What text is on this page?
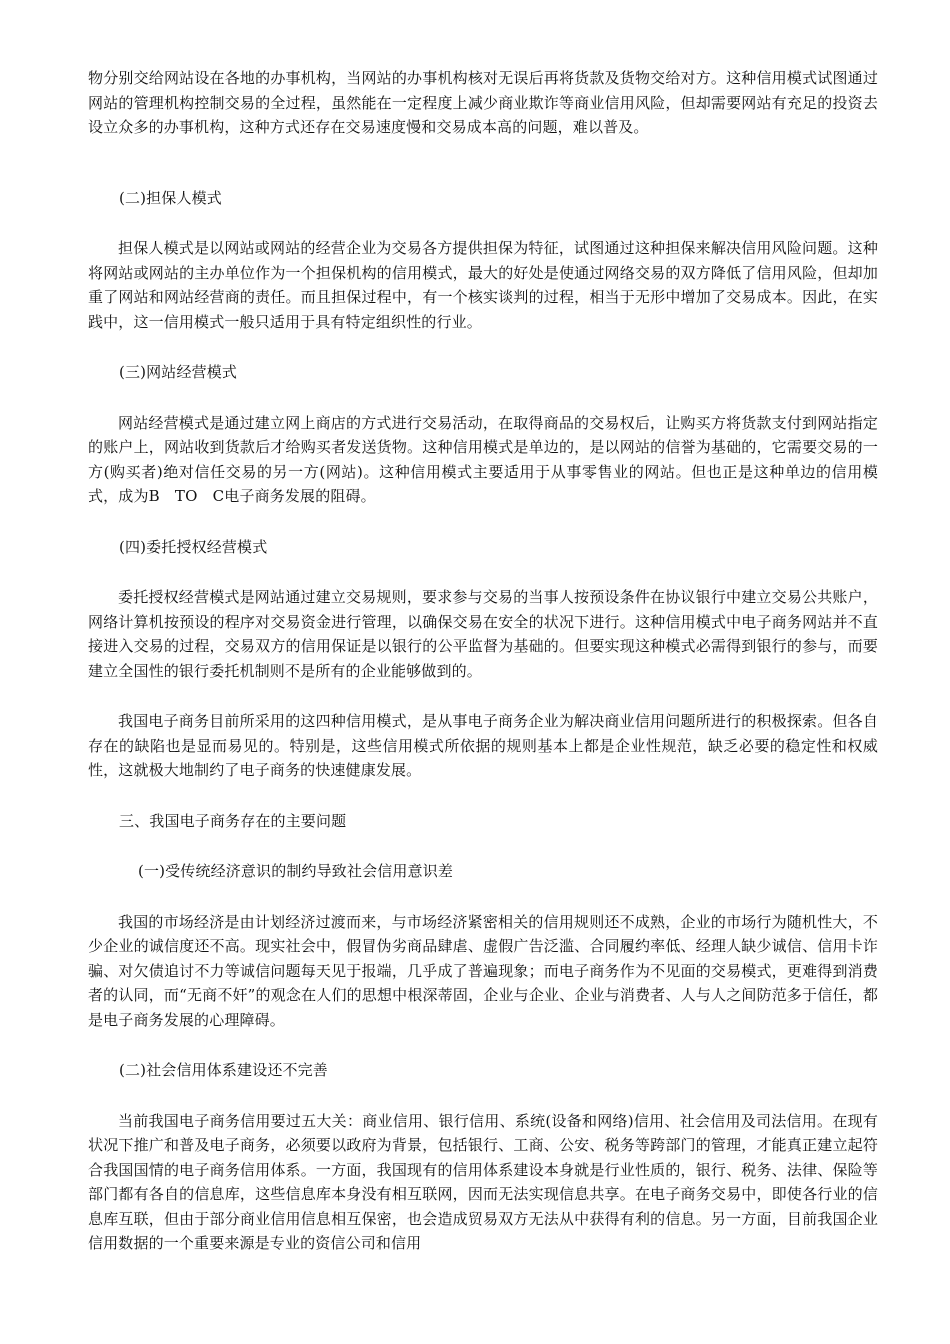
物分别交给网站设在各地的办事机构，当网站的办事机构核对无误后再将货款及货物交给对方。这种信用模式试图通过网站的管理机构控制交易的全过程，虽然能在一定程度上减少商业欺诈等商业信用风险，但却需要网站有充足的投资去设立众多的办事机构，这种方式还存在交易速度慢和交易成本高的问题，难以普及。

(二)担保人模式

担保人模式是以网站或网站的经营企业为交易各方提供担保为特征，试图通过这种担保来解决信用风险问题。这种将网站或网站的主办单位作为一个担保机构的信用模式，最大的好处是使通过网络交易的双方降低了信用风险，但却加重了网站和网站经营商的责任。而且担保过程中，有一个核实谈判的过程，相当于无形中增加了交易成本。因此，在实践中，这一信用模式一般只适用于具有特定组织性的行业。

(三)网站经营模式

网站经营模式是通过建立网上商店的方式进行交易活动，在取得商品的交易权后，让购买方将货款支付到网站指定的账户上，网站收到货款后才给购买者发送货物。这种信用模式是单边的，是以网站的信誉为基础的，它需要交易的一方(购买者)绝对信任交易的另一方(网站)。这种信用模式主要适用于从事零售业的网站。但也正是这种单边的信用模式，成为B　TO　C电子商务发展的阻碍。

(四)委托授权经营模式

委托授权经营模式是网站通过建立交易规则，要求参与交易的当事人按预设条件在协议银行中建立交易公共账户，网络计算机按预设的程序对交易资金进行管理，以确保交易在安全的状况下进行。这种信用模式中电子商务网站并不直接进入交易的过程，交易双方的信用保证是以银行的公平监督为基础的。但要实现这种模式必需得到银行的参与，而要建立全国性的银行委托机制则不是所有的企业能够做到的。

我国电子商务目前所采用的这四种信用模式，是从事电子商务企业为解决商业信用问题所进行的积极探索。但各自存在的缺陷也是显而易见的。特别是，这些信用模式所依据的规则基本上都是企业性规范，缺乏必要的稳定性和权威性，这就极大地制约了电子商务的快速健康发展。

三、我国电子商务存在的主要问题

(一)受传统经济意识的制约导致社会信用意识差

我国的市场经济是由计划经济过渡而来，与市场经济紧密相关的信用规则还不成熟，企业的市场行为随机性大，不少企业的诚信度还不高。现实社会中，假冒伪劣商品肆虐、虚假广告泛滥、合同履约率低、经理人缺少诚信、信用卡诈骗、对欠债追讨不力等诚信问题每天见于报端，几乎成了普遍现象；而电子商务作为不见面的交易模式，更难得到消费者的认同，而“无商不奸”的观念在人们的思想中根深蒂固，企业与企业、企业与消费者、人与人之间防范多于信任，都是电子商务发展的心理障碍。

(二)社会信用体系建设还不完善

当前我国电子商务信用要过五大关：商业信用、银行信用、系统(设备和网络)信用、社会信用及司法信用。在现有状况下推广和普及电子商务，必须要以政府为背景，包括银行、工商、公安、税务等跨部门的管理，才能真正建立起符合我国国情的电子商务信用体系。一方面，我国现有的信用体系建设本身就是行业性质的，银行、税务、法律、保险等部门都有各自的信息库，这些信息库本身没有相互联网，因而无法实现信息共享。在电子商务交易中，即使各行业的信息库互联，但由于部分商业信用信息相互保密，也会造成贸易双方无法从中获得有利的信息。另一方面，目前我国企业信用数据的一个重要来源是专业的资信公司和信用
